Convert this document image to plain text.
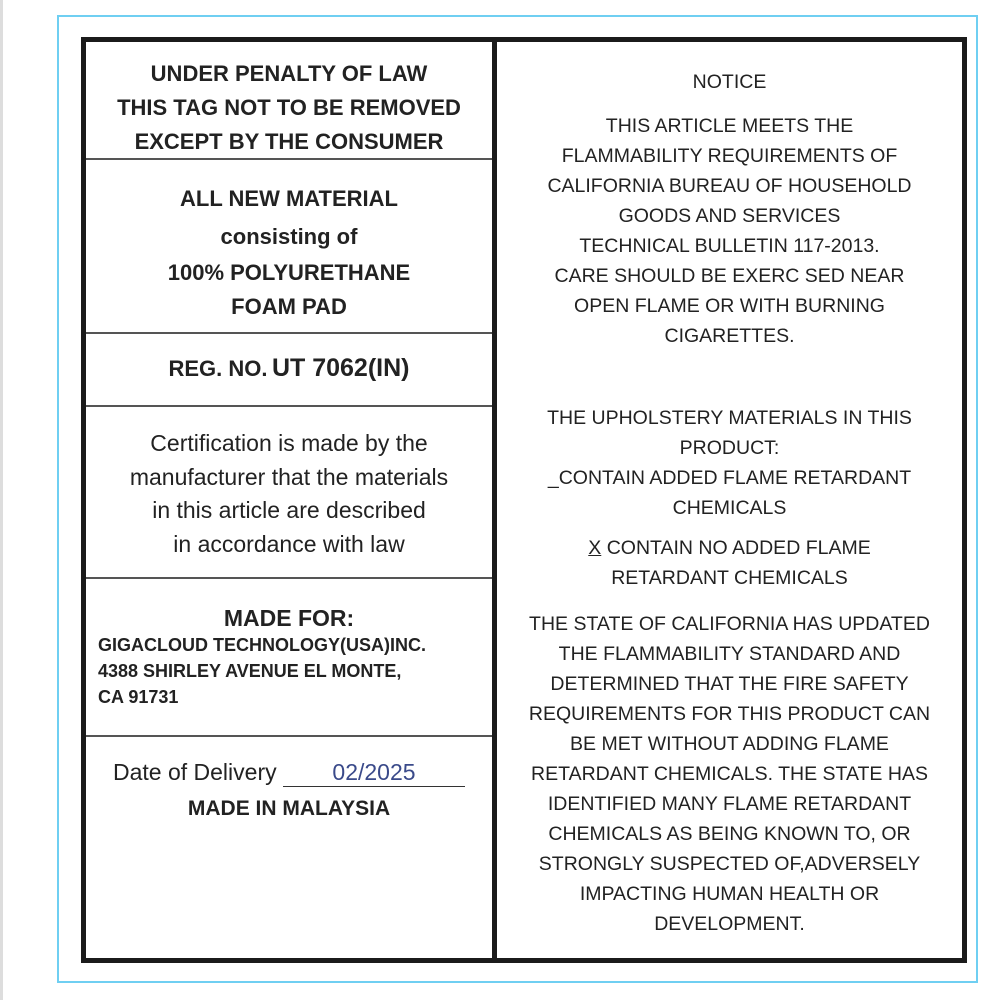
UNDER PENALTY OF LAW
THIS TAG NOT TO BE REMOVED
EXCEPT BY THE CONSUMER
ALL NEW MATERIAL
consisting of
100% POLYURETHANE
FOAM PAD
REG. NO. UT 7062(IN)
Certification is made by the
manufacturer that the materials
in this article are described
in accordance with law
MADE FOR:
GIGACLOUD TECHNOLOGY(USA)INC.
4388 SHIRLEY AVENUE EL MONTE,
CA 91731
Date of Delivery 02/2025
MADE IN MALAYSIA

NOTICE

THIS ARTICLE MEETS THE

FLAMMABILITY REQUIREMENTS OF

CALIFORNIA BUREAU OF HOUSEHOLD

GOODS AND SERVICES

TECHNICAL BULLETIN 117-2013.

CARE SHOULD BE EXERC SED NEAR

OPEN FLAME OR WITH BURNING

CIGARETTES.

THE UPHOLSTERY MATERIALS IN THIS

PRODUCT:

_CONTAIN ADDED FLAME RETARDANT

CHEMICALS

X CONTAIN NO ADDED FLAME

RETARDANT CHEMICALS

THE STATE OF CALIFORNIA HAS UPDATED

THE FLAMMABILITY STANDARD AND

DETERMINED THAT THE FIRE SAFETY

REQUIREMENTS FOR THIS PRODUCT CAN

BE MET WITHOUT ADDING FLAME

RETARDANT CHEMICALS. THE STATE HAS

IDENTIFIED MANY FLAME RETARDANT

CHEMICALS AS BEING KNOWN TO, OR

STRONGLY SUSPECTED OF,ADVERSELY

IMPACTING HUMAN HEALTH OR

DEVELOPMENT.
